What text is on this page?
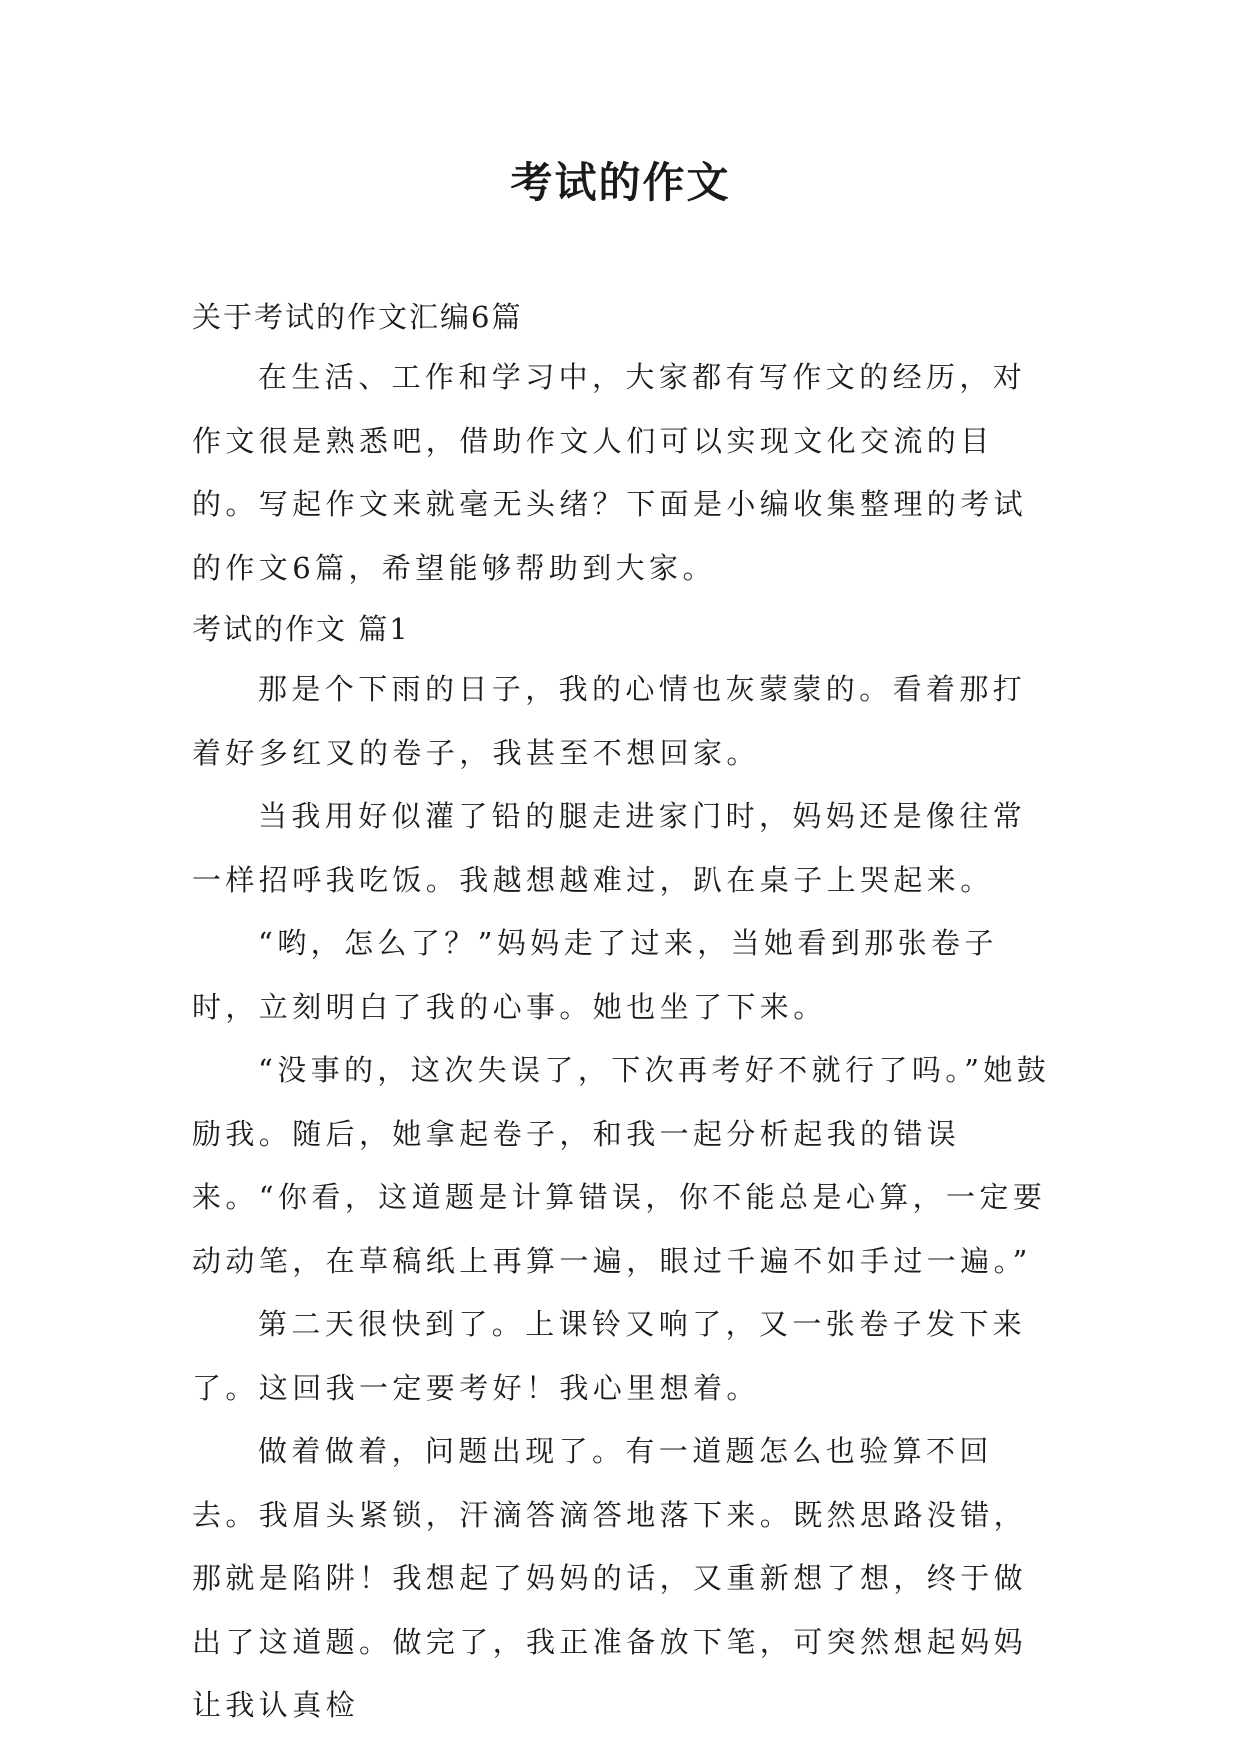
考试的作文

关于考试的作文汇编6篇

在生活、工作和学习中，大家都有写作文的经历，对作文很是熟悉吧，借助作文人们可以实现文化交流的目的。写起作文来就毫无头绪？下面是小编收集整理的考试的作文6篇，希望能够帮助到大家。

考试的作文 篇1

那是个下雨的日子，我的心情也灰蒙蒙的。看着那打着好多红叉的卷子，我甚至不想回家。

当我用好似灌了铅的腿走进家门时，妈妈还是像往常一样招呼我吃饭。我越想越难过，趴在桌子上哭起来。

“哟，怎么了？”妈妈走了过来，当她看到那张卷子时，立刻明白了我的心事。她也坐了下来。

“没事的，这次失误了，下次再考好不就行了吗。”她鼓励我。随后，她拿起卷子，和我一起分析起我的错误来。“你看，这道题是计算错误，你不能总是心算，一定要动动笔，在草稿纸上再算一遍，眼过千遍不如手过一遍。”

第二天很快到了。上课铃又响了，又一张卷子发下来了。这回我一定要考好！我心里想着。

做着做着，问题出现了。有一道题怎么也验算不回去。我眉头紧锁，汗滴答滴答地落下来。既然思路没错，那就是陷阱！我想起了妈妈的话，又重新想了想，终于做出了这道题。做完了，我正准备放下笔，可突然想起妈妈让我认真检
